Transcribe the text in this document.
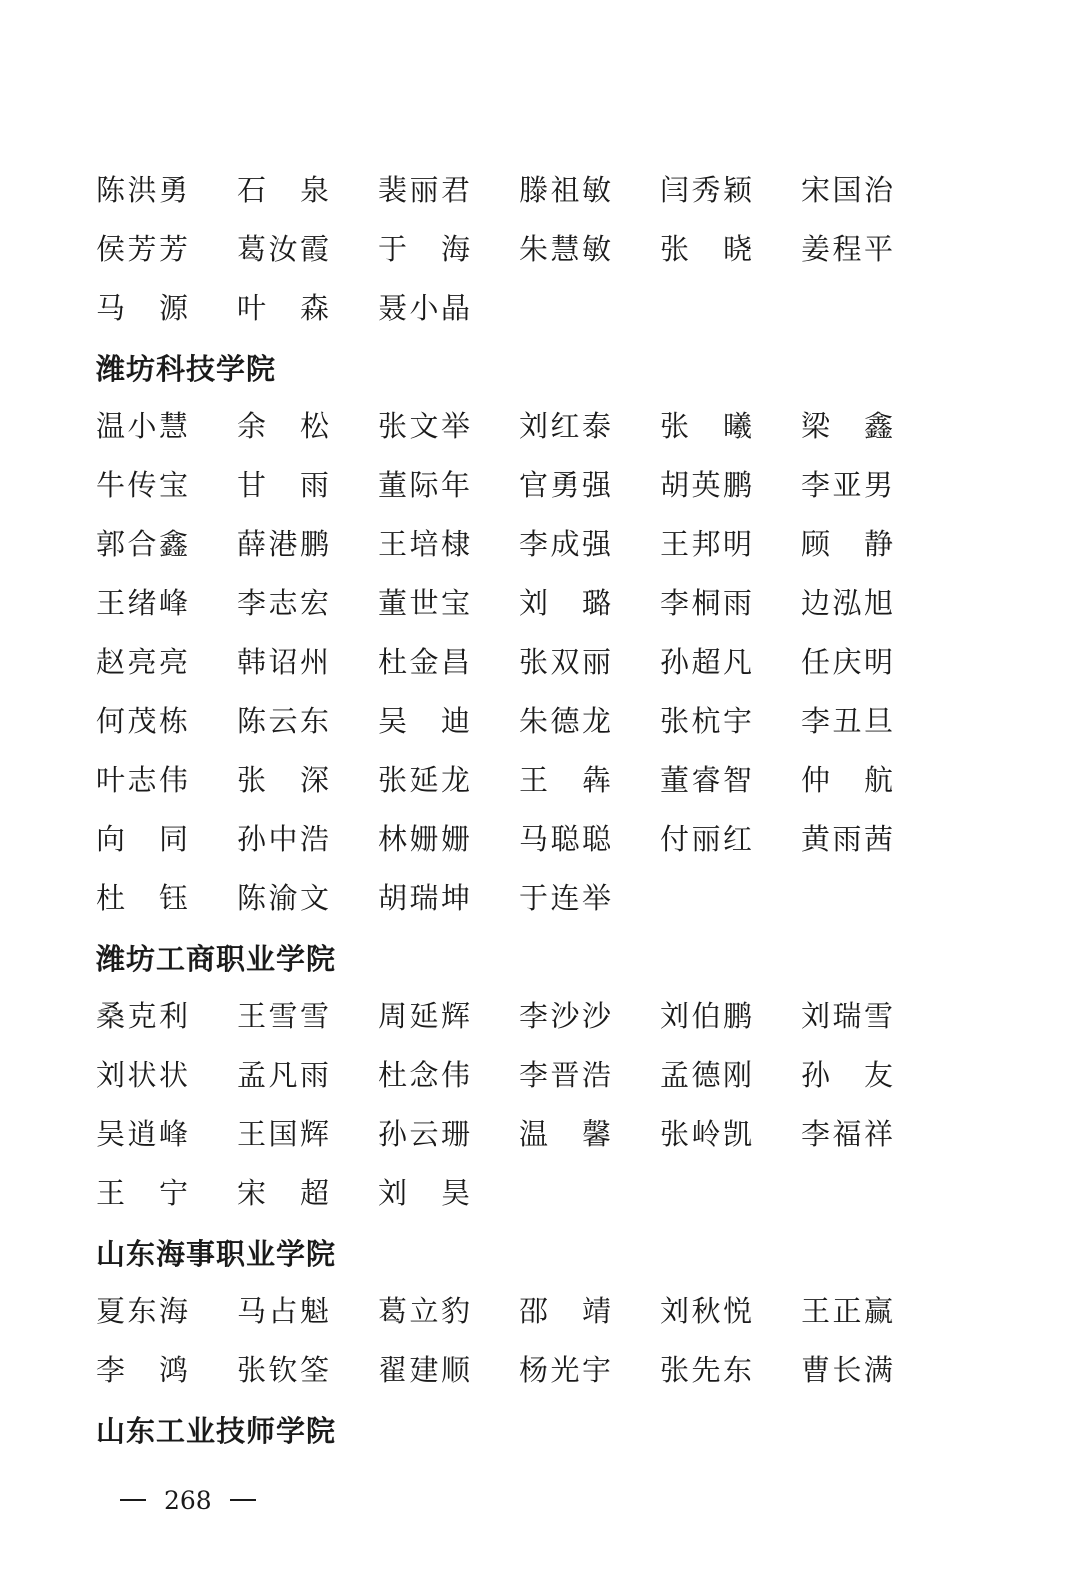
陈洪勇	石 泉	裴丽君	滕祖敏	闫秀颖	宋国治
侯芳芳	葛汝霞	于 海	朱慧敏	张 晓	姜程平
马 源	叶 森	聂小晶
潍坊科技学院
温小慧	余 松	张文举	刘红泰	张 曦	梁 鑫
牛传宝	甘 雨	董际年	官勇强	胡英鹏	李亚男
郭合鑫	薛港鹏	王培棣	李成强	王邦明	顾 静
王绪峰	李志宏	董世宝	刘 璐	李桐雨	边泓旭
赵亮亮	韩诏州	杜金昌	张双丽	孙超凡	任庆明
何茂栋	陈云东	吴 迪	朱德龙	张杭宇	李丑旦
叶志伟	张 深	张延龙	王 犇	董睿智	仲 航
向 同	孙中浩	林姗姗	马聪聪	付丽红	黄雨茜
杜 钰	陈渝文	胡瑞坤	于连举
潍坊工商职业学院
桑克利	王雪雪	周延辉	李沙沙	刘伯鹏	刘瑞雪
刘状状	孟凡雨	杜念伟	李晋浩	孟德刚	孙 友
吴逍峰	王国辉	孙云珊	温 馨	张岭凯	李福祥
王 宁	宋 超	刘 昊
山东海事职业学院
夏东海	马占魁	葛立豹	邵 靖	刘秋悦	王正赢
李 鸿	张钦筌	翟建顺	杨光宇	张先东	曹长满
山东工业技师学院
268
